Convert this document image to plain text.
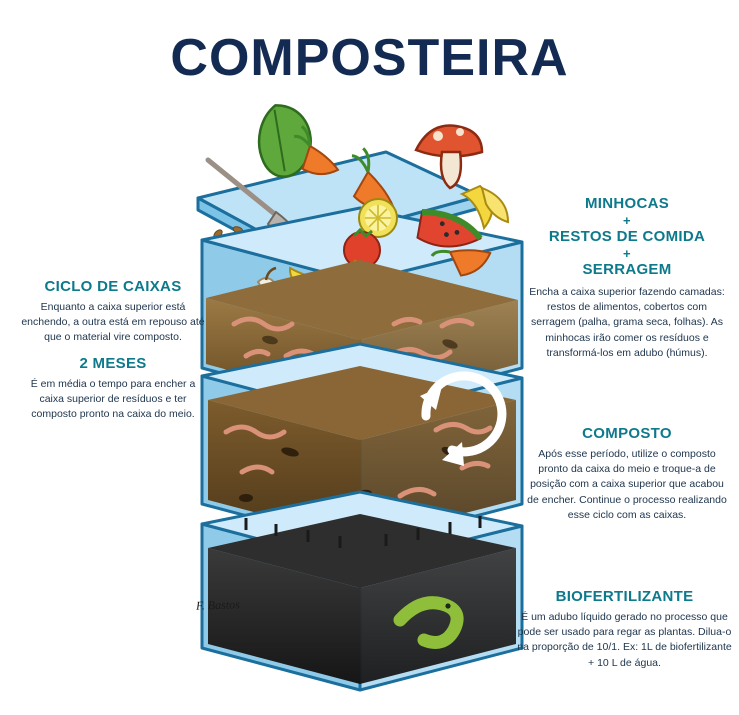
COMPOSTEIRA
F. Bastos
CICLO DE CAIXAS
Enquanto a caixa superior está enchendo, a outra está em repouso até que o material vire composto.
2 MESES
É em média o tempo para encher a caixa superior de resíduos e ter composto pronto na caixa do meio.
MINHOCAS
+
RESTOS DE COMIDA
+
SERRAGEM
Encha a caixa superior fazendo camadas: restos de alimentos, cobertos com serragem (palha, grama seca, folhas). As minhocas irão comer os resíduos e transformá-los em adubo (húmus).
COMPOSTO
Após esse período, utilize o composto pronto da caixa do meio e troque-a de posição com a caixa superior que acabou de encher. Continue o processo realizando esse ciclo com as caixas.
BIOFERTILIZANTE
É um adubo líquido gerado no processo que pode ser usado para regar as plantas. Dilua-o na proporção de 10/1. Ex: 1L de biofertilizante + 10 L de água.
